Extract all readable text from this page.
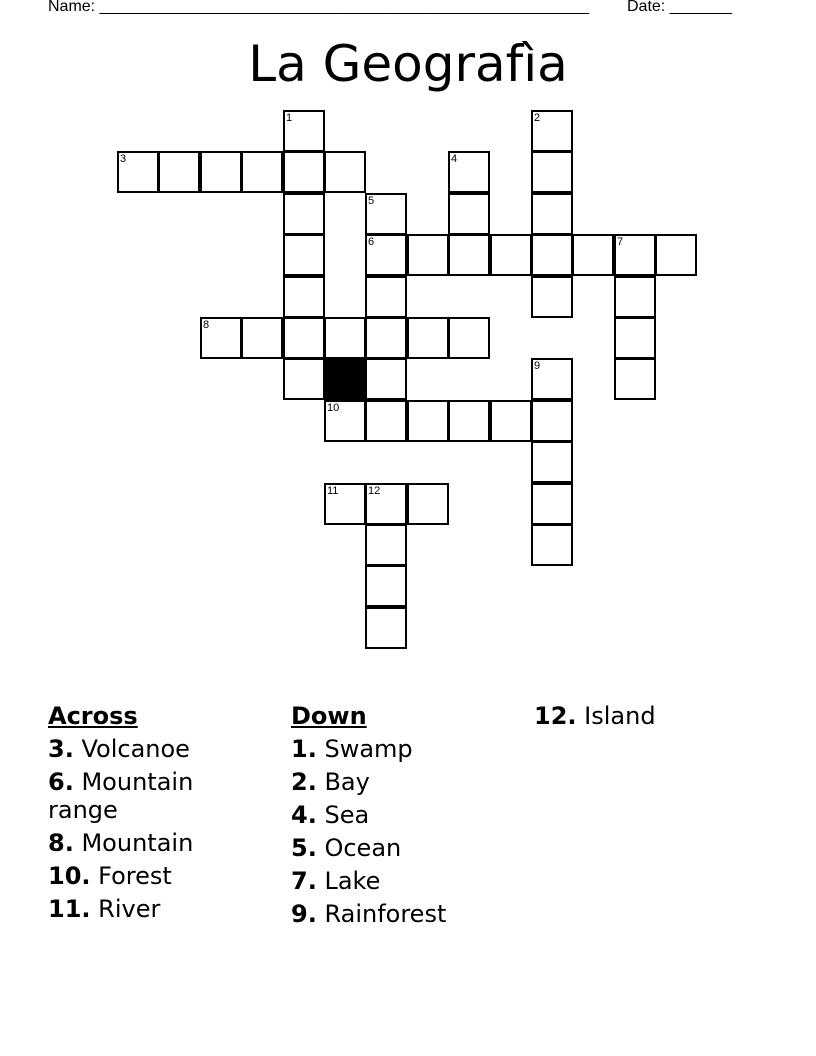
Name: _______________________________________________________ Date: _______
La Geografìa
1	2
3	4
5
6	7
8
9
10
11	12
Across
3. Volcanoe
6. Mountain range
8. Mountain
10. Forest
11. River
Down
1. Swamp
2. Bay
4. Sea
5. Ocean
7. Lake
9. Rainforest
12. Island
